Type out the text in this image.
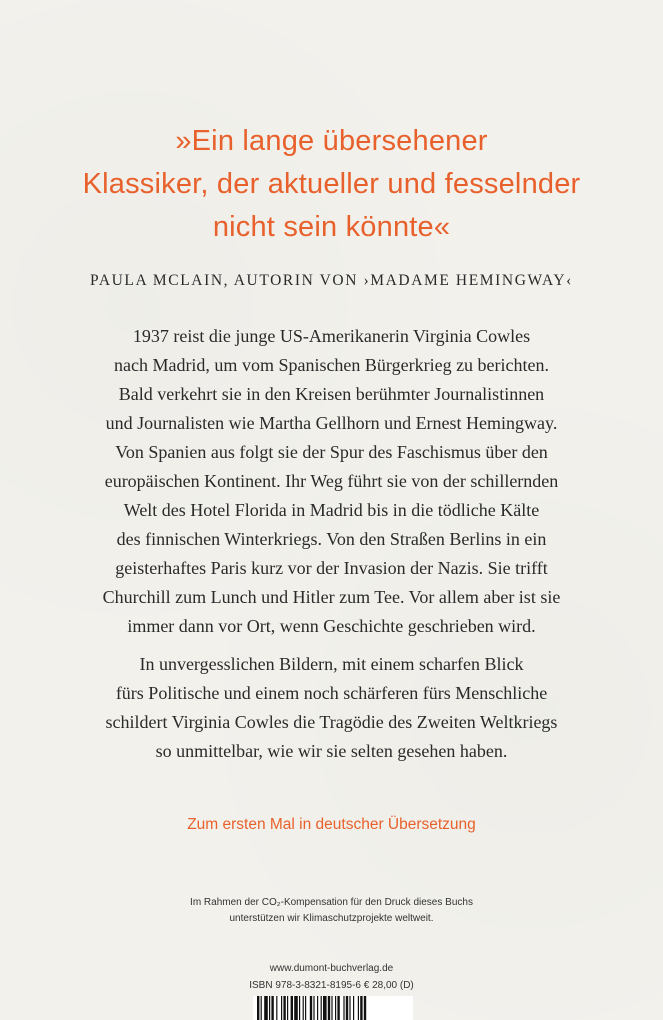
»Ein lange übersehener
Klassiker, der aktueller und fesselnder
nicht sein könnte«
PAULA MCLAIN, AUTORIN VON ›MADAME HEMINGWAY‹
1937 reist die junge US-Amerikanerin Virginia Cowles
nach Madrid, um vom Spanischen Bürgerkrieg zu berichten.
Bald verkehrt sie in den Kreisen berühmter Journalistinnen
und Journalisten wie Martha Gellhorn und Ernest Hemingway.
Von Spanien aus folgt sie der Spur des Faschismus über den
europäischen Kontinent. Ihr Weg führt sie von der schillernden
Welt des Hotel Florida in Madrid bis in die tödliche Kälte
des finnischen Winterkriegs. Von den Straßen Berlins in ein
geisterhaftes Paris kurz vor der Invasion der Nazis. Sie trifft
Churchill zum Lunch und Hitler zum Tee. Vor allem aber ist sie
immer dann vor Ort, wenn Geschichte geschrieben wird.
In unvergesslichen Bildern, mit einem scharfen Blick
fürs Politische und einem noch schärferen fürs Menschliche
schildert Virginia Cowles die Tragödie des Zweiten Weltkriegs
so unmittelbar, wie wir sie selten gesehen haben.
Zum ersten Mal in deutscher Übersetzung
Im Rahmen der CO₂-Kompensation für den Druck dieses Buchs
unterstützen wir Klimaschutzprojekte weltweit.
www.dumont-buchverlag.de
ISBN 978-3-8321-8195-6 € 28,00 (D)
